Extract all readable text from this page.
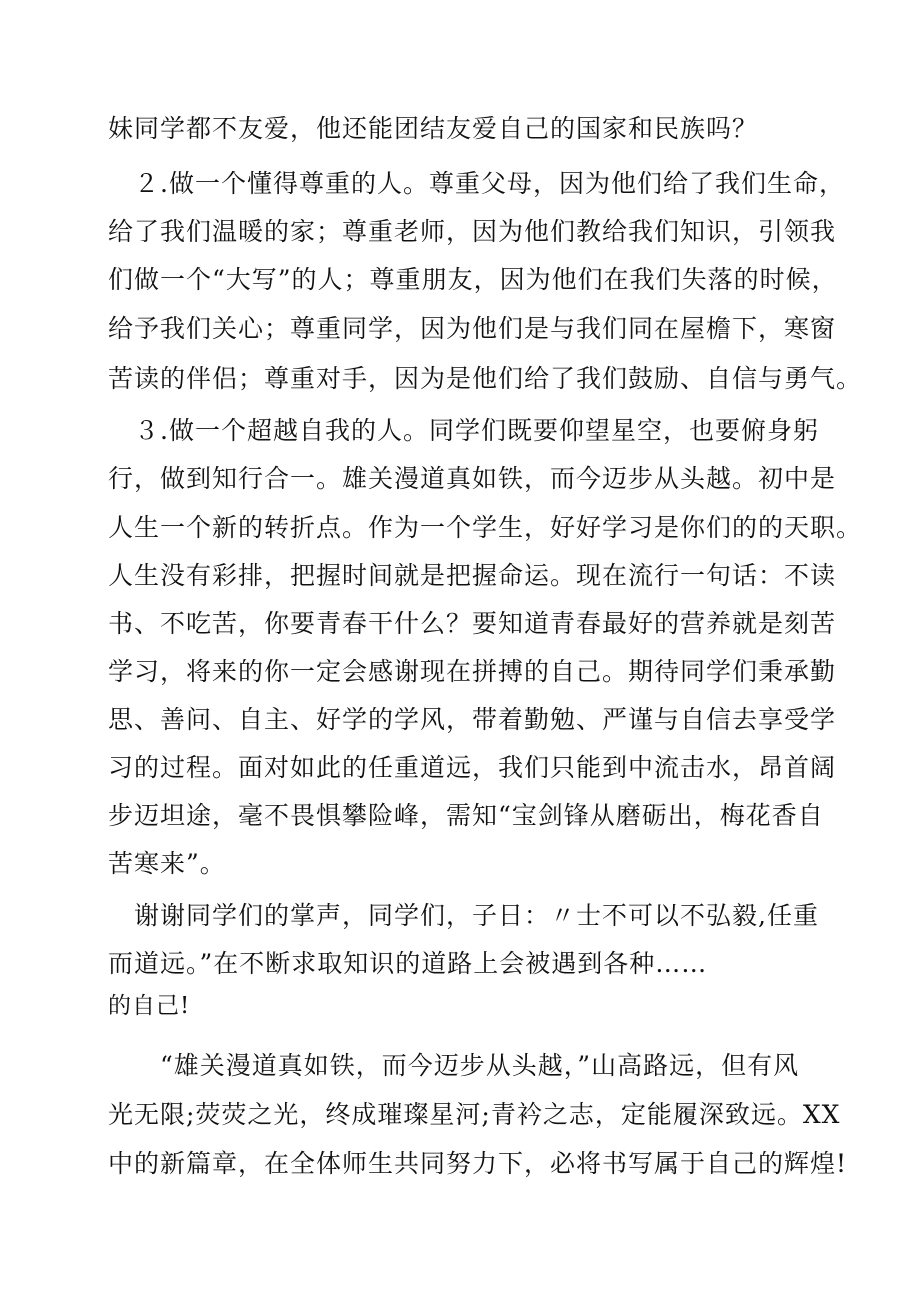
妹同学都不友爱，他还能团结友爱自己的国家和民族吗？

　２.做一个懂得尊重的人。尊重父母，因为他们给了我们生命，

给了我们温暖的家；尊重老师，因为他们教给我们知识，引领我

们做一个“大写”的人；尊重朋友，因为他们在我们失落的时候，

给予我们关心；尊重同学，因为他们是与我们同在屋檐下，寒窗

苦读的伴侣；尊重对手，因为是他们给了我们鼓励、自信与勇气。

　３.做一个超越自我的人。同学们既要仰望星空，也要俯身躬

行，做到知行合一。雄关漫道真如铁，而今迈步从头越。初中是

人生一个新的转折点。作为一个学生，好好学习是你们的的天职。

人生没有彩排，把握时间就是把握命运。现在流行一句话：不读

书、不吃苦，你要青春干什么？要知道青春最好的营养就是刻苦

学习，将来的你一定会感谢现在拼搏的自己。期待同学们秉承勤

思、善问、自主、好学的学风，带着勤勉、严谨与自信去享受学

习的过程。面对如此的任重道远，我们只能到中流击水，昂首阔

步迈坦途，毫不畏惧攀险峰，需知“宝剑锋从磨砺出，梅花香自

苦寒来”。

　谢谢同学们的掌声，同学们，子日：〃士不可以不弘毅,任重

而道远。”在不断求取知识的道路上会被遇到各种……

的自己!

　　“雄关漫道真如铁，而今迈步从头越，”山高路远，但有风

光无限;荧荧之光，终成璀璨星河;青衿之志，定能履深致远。XX

中的新篇章，在全体师生共同努力下，必将书写属于自己的辉煌!
